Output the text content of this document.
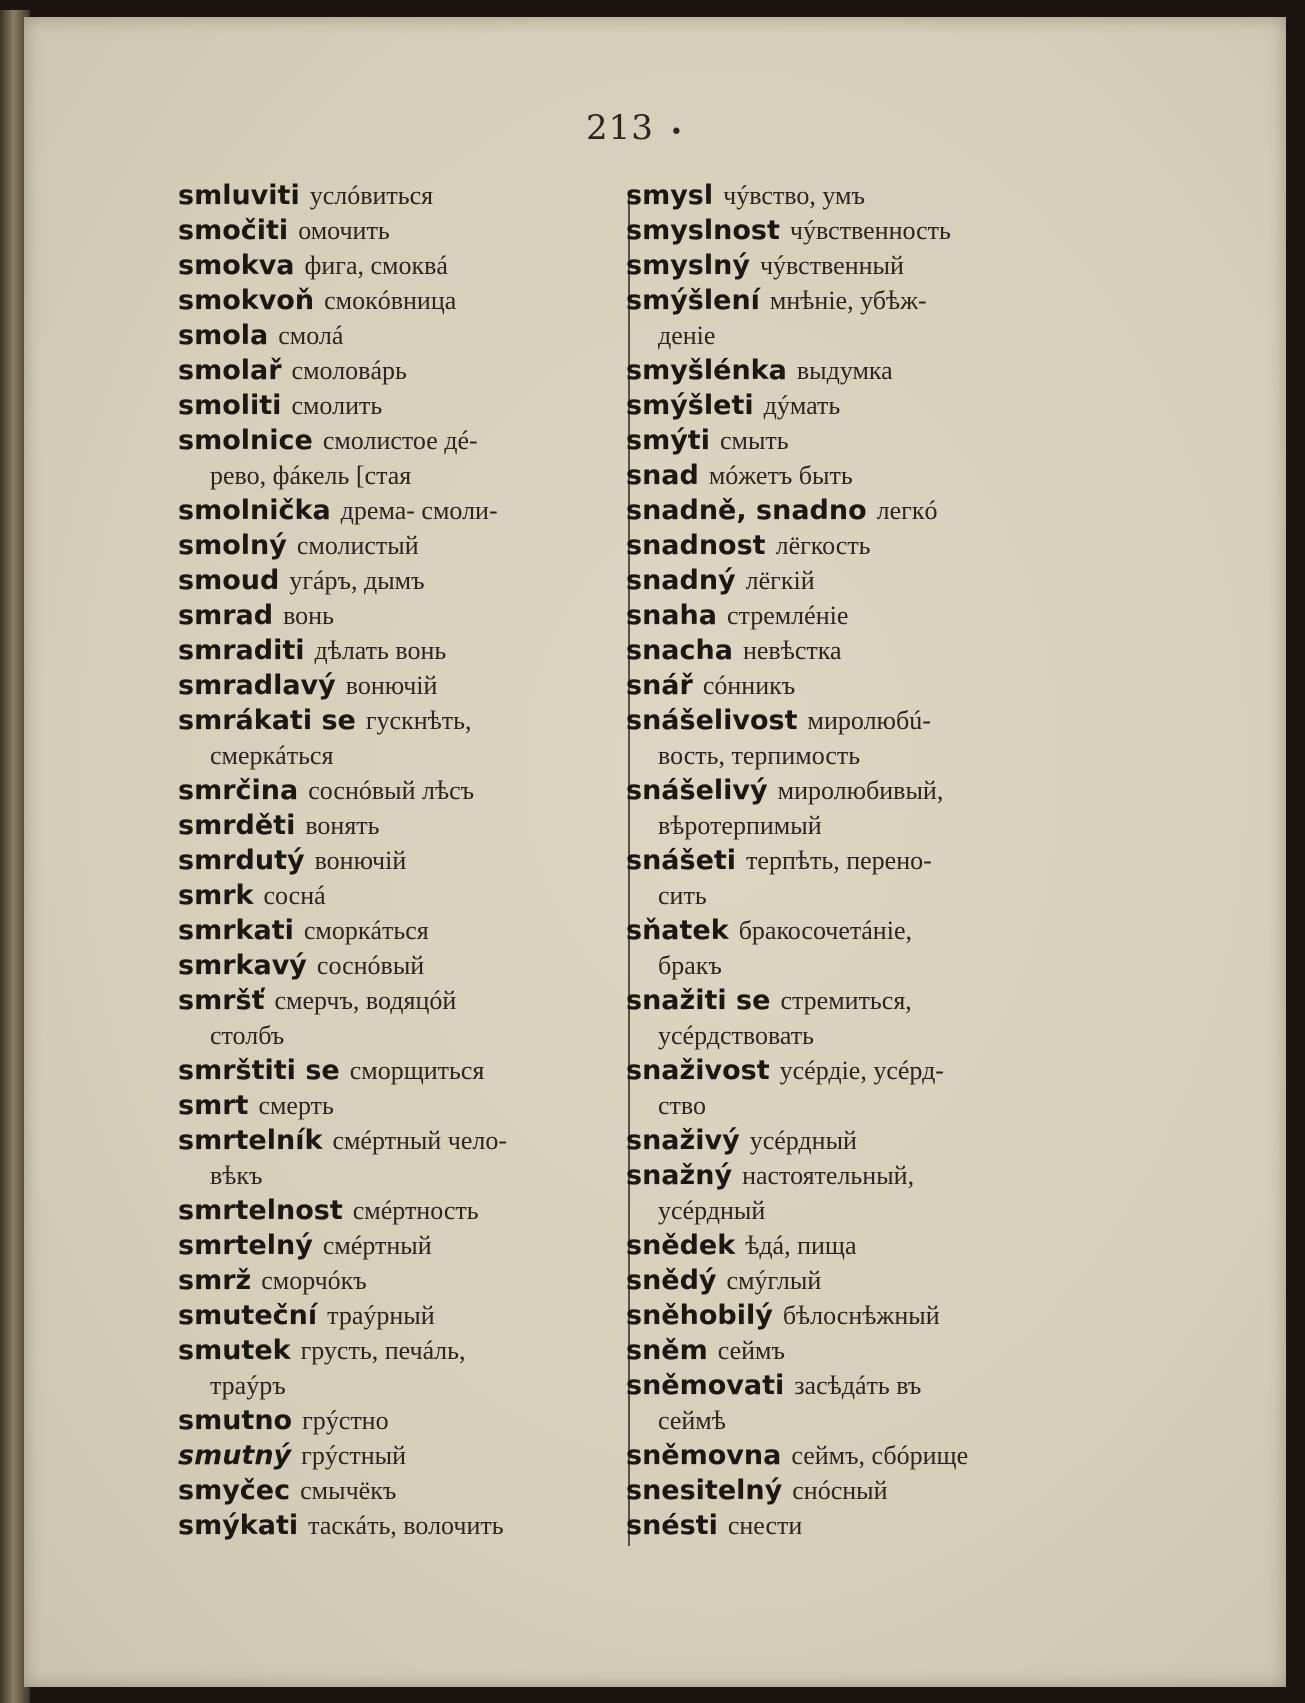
213 •
smluviti услóвиться
smočiti омочить
smokva фига, смоквá
smokvoň смокóвница
smola смолá
smolař смоловáрь
smoliti смолить
smolnice смолистое дé-
рево, фáкель [стая
smolnička дрема- смоли-
smolný смолистый
smoud угáръ, дымъ
smrad вонь
smraditi дѣлать вонь
smradlavý вонючiй
smrákati se гускнѣть,
смеркáться
smrčina соснóвый лѣсъ
smrděti вонять
smrdutý вонючiй
smrk соснá
smrkati сморкáться
smrkavý соснóвый
smršť смерчъ, водяцóй
столбъ
smrštiti se сморщиться
smrt смерть
smrtelník смéртный чело-
вѣкъ
smrtelnost смéртность
smrtelný смéртный
smrž сморчóкъ
smuteční траýрный
smutek грусть, печáль,
траýръ
smutno грýстно
smutný грýстный
smyčec смычёкъ
smýkati таскáть, волочить
smysl чýвство, умъ
smyslnost чýвственность
smyslný чýвственный
smýšlení мнѣнiе, убѣж-
денiе
smyšlénka выдумка
smýšleti дýмать
smýti смыть
snad мóжетъ быть
snadně, snadno легкó
snadnost лёгкость
snadný лёгкiй
snaha стремлéнiе
snacha невѣстка
snář сóнникъ
snášelivost миролюбú-
вость, терпимость
snášelivý миролюбивый,
вѣротерпимый
snášeti терпѣть, перено-
сить
sňatek бракосочетáнiе,
бракъ
snažiti se стремиться,
усéрдствовать
snaživost усéрдiе, усéрд-
ство
snaživý усéрдный
snažný настоятельный,
усéрдный
snědek ѣдá, пища
snědý смýглый
sněhobilý бѣлоснѣжный
sněm сеймъ
sněmovati засѣдáть въ
сеймѣ
sněmovna сеймъ, сбóрище
snesitelný снóсный
snésti снести
